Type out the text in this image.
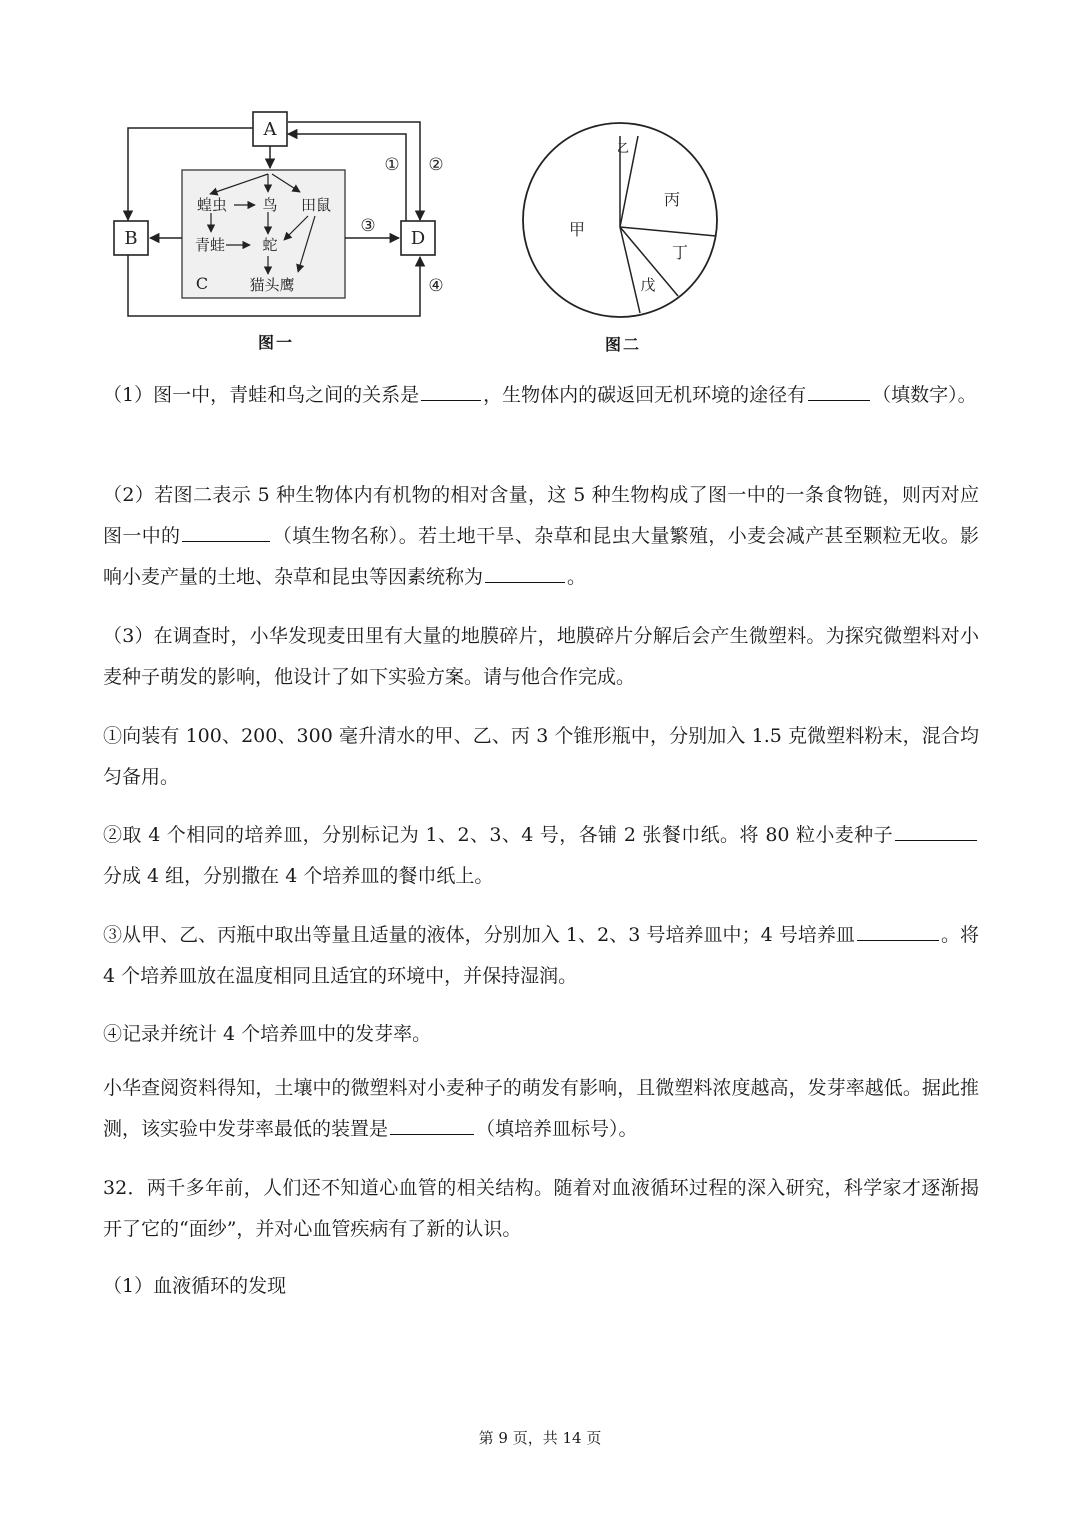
A
B	D
C
蝗虫 鸟 田鼠
青蛙 蛇
猫头鹰
① ②
③
④
图一
甲
乙
丙
丁
戊
图二

（1）图一中，青蛙和鸟之间的关系是	，生物体内的碳返回无机环境的途径有	（填数字）。

（2）若图二表示 5 种生物体内有机物的相对含量，这 5 种生物构成了图一中的一条食物链，则丙对应图一中的	（填生物名称）。若土地干旱、杂草和昆虫大量繁殖，小麦会减产甚至颗粒无收。影响小麦产量的土地、杂草和昆虫等因素统称为	。

（3）在调查时，小华发现麦田里有大量的地膜碎片，地膜碎片分解后会产生微塑料。为探究微塑料对小麦种子萌发的影响，他设计了如下实验方案。请与他合作完成。

①向装有 100、200、300 毫升清水的甲、乙、丙 3 个锥形瓶中，分别加入 1.5 克微塑料粉末，混合均匀备用。

②取 4 个相同的培养皿，分别标记为 1、2、3、4 号，各铺 2 张餐巾纸。将 80 粒小麦种子分成 4 组，分别撒在 4 个培养皿的餐巾纸上。

③从甲、乙、丙瓶中取出等量且适量的液体，分别加入 1、2、3 号培养皿中；4 号培养皿	。将 4 个培养皿放在温度相同且适宜的环境中，并保持湿润。

④记录并统计 4 个培养皿中的发芽率。

小华查阅资料得知，土壤中的微塑料对小麦种子的萌发有影响，且微塑料浓度越高，发芽率越低。据此推测，该实验中发芽率最低的装置是	（填培养皿标号）。

32．两千多年前，人们还不知道心血管的相关结构。随着对血液循环过程的深入研究，科学家才逐渐揭开了它的“面纱”，并对心血管疾病有了新的认识。

（1）血液循环的发现

第 9 页，共 14 页
